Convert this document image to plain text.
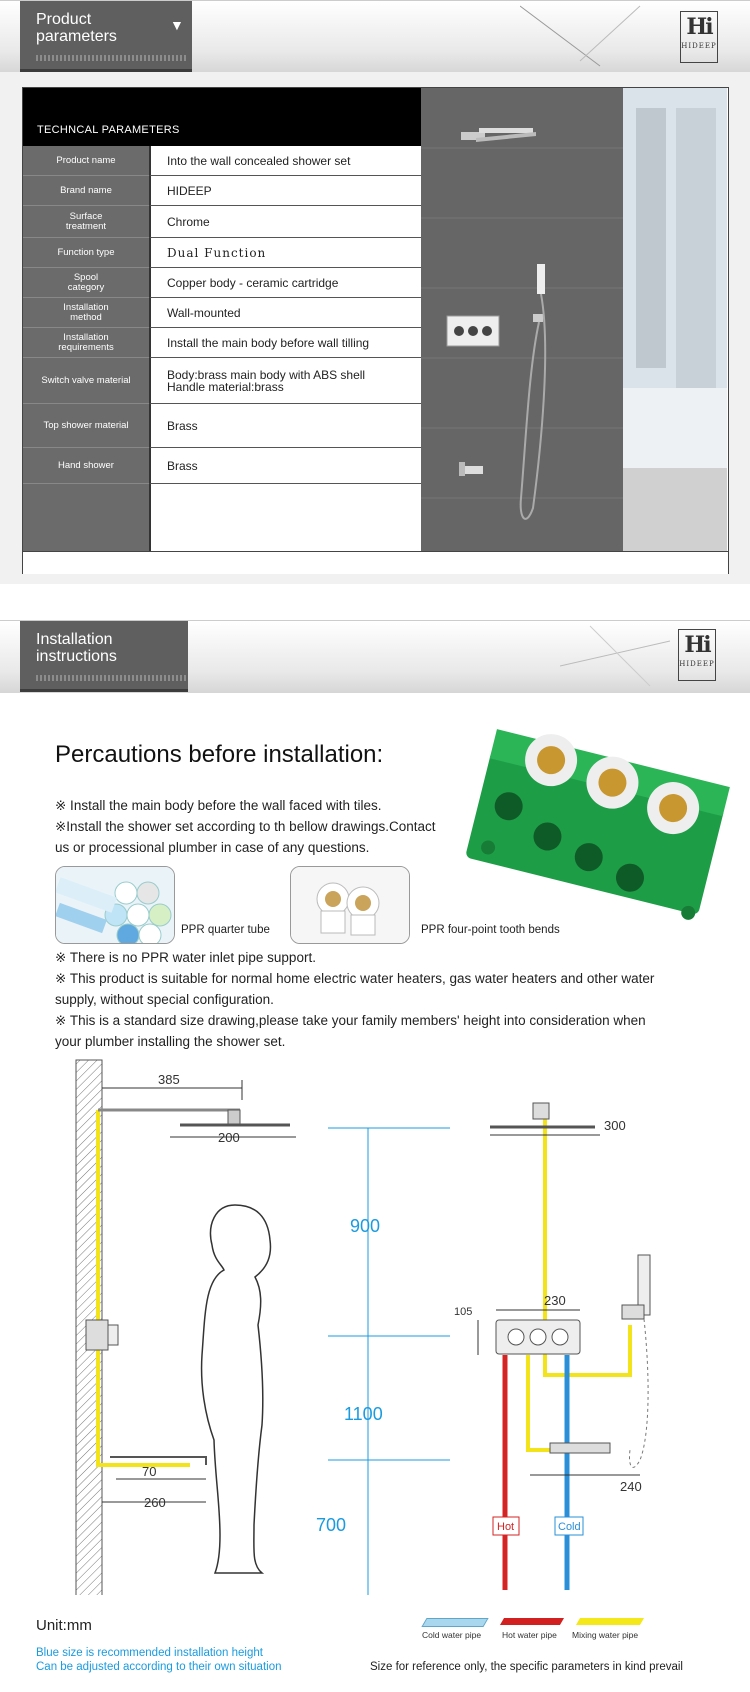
Product
parameters
▼	Hi
HIDEEP
TECHNCAL PARAMETERS
Product name	Into the wall concealed shower set
Brand name	HIDEEP
Surface
treatment	Chrome
Function type	Dual Function
Spool
category	Copper body - ceramic cartridge
Installation
method	Wall-mounted
Installation
requirements	Install the main body before wall tilling
Switch valve material	Body:brass main body with ABS shell
Handle material:brass
Top shower material	Brass
Hand shower	Brass
Installation
instructions	Hi
HIDEEP
Percautions before installation:
※ Install the main body before the wall faced with tiles.
※Install the shower set according to th bellow drawings.Contact
us or processional plumber in case of any questions.
PPR quarter tube	PPR four-point tooth bends
※ There is no PPR water inlet pipe support.
※ This product is suitable for normal home electric water heaters, gas water heaters and other water
supply, without special configuration.
※ This is a standard size drawing,please take your family members' height into consideration when
your plumber installing the shower set.
385
200
70
260
900
1100
700
300
230
105
240
Hot	Cold
Unit:mm
Cold water pipe Hot water pipe Mixing water pipe
Blue size is recommended installation height
Can be adjusted according to their own situation	Size for reference only, the specific parameters in kind prevail
